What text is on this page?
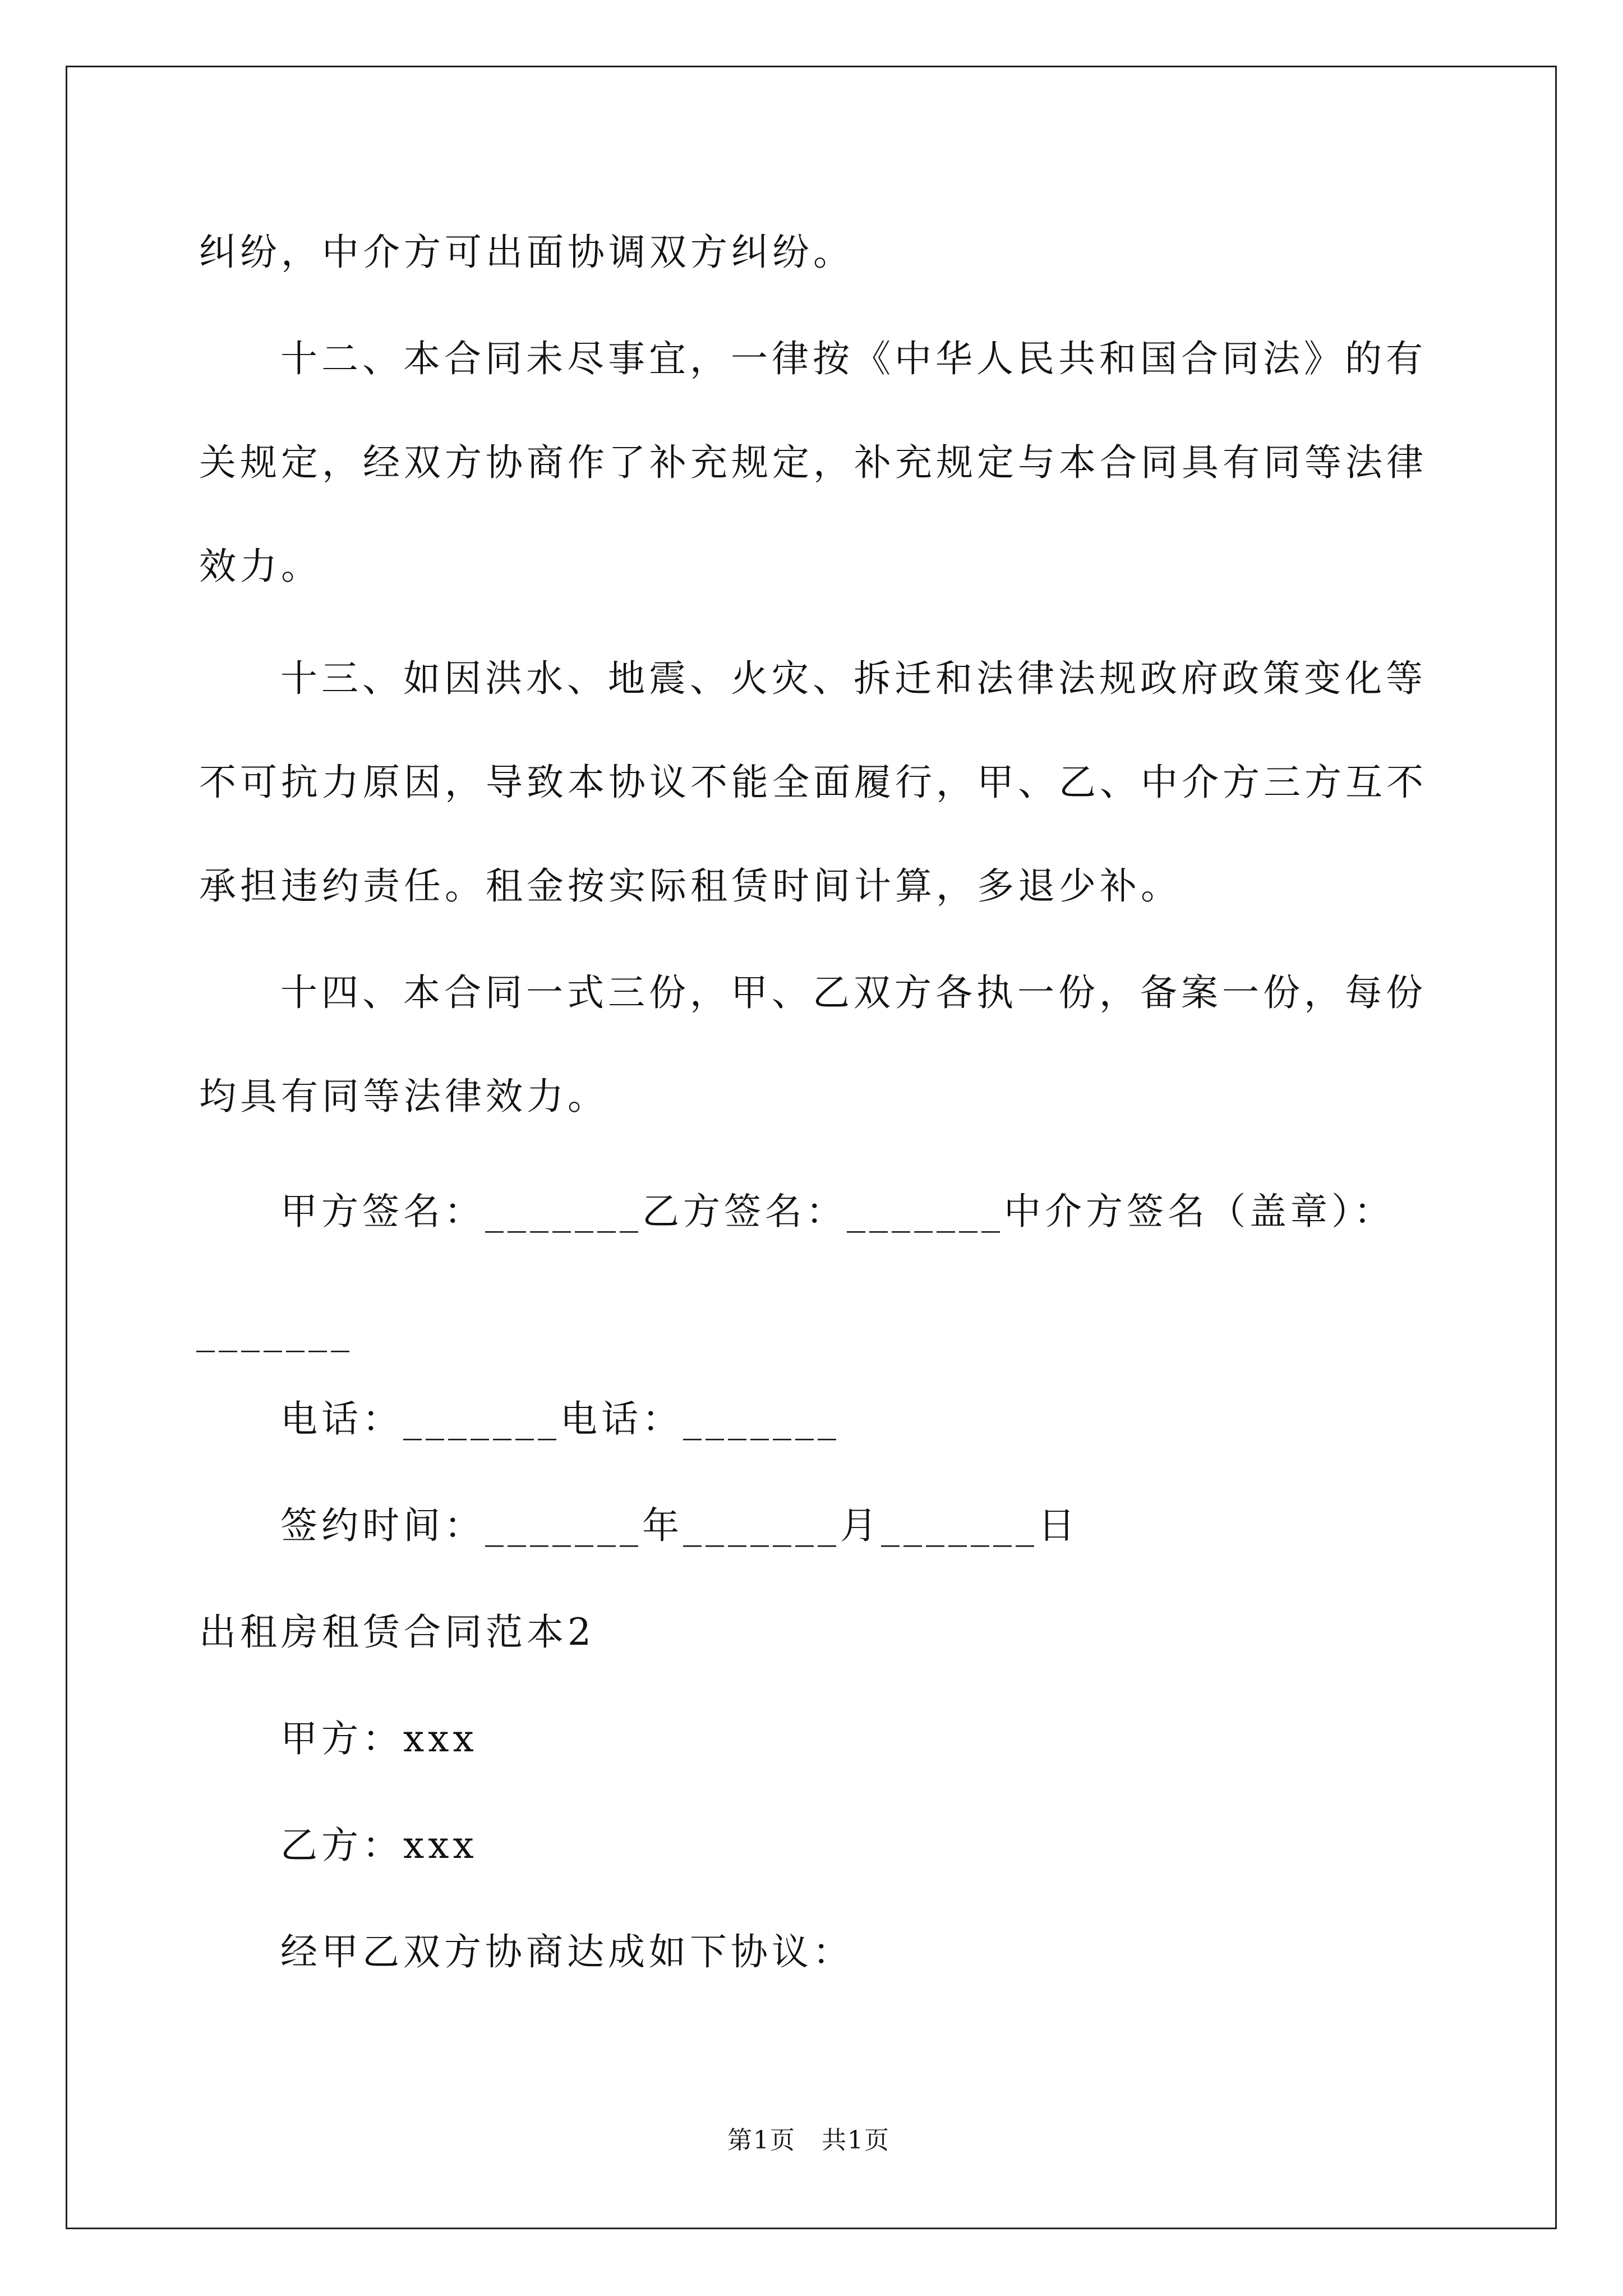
纠纷，中介方可出面协调双方纠纷。
十二、本合同未尽事宜，一律按《中华人民共和国合同法》的有
关规定，经双方协商作了补充规定，补充规定与本合同具有同等法律
效力。
十三、如因洪水、地震、火灾、拆迁和法律法规政府政策变化等
不可抗力原因，导致本协议不能全面履行，甲、乙、中介方三方互不
承担违约责任。租金按实际租赁时间计算，多退少补。
十四、本合同一式三份，甲、乙双方各执一份，备案一份，每份
均具有同等法律效力。
甲方签名：_______乙方签名：_______中介方签名（盖章）：
_______
电话：_______电话：_______
签约时间：_______年_______月_______日
出租房租赁合同范本2
甲方：xxx
乙方：xxx
经甲乙双方协商达成如下协议：
第1页　共1页
